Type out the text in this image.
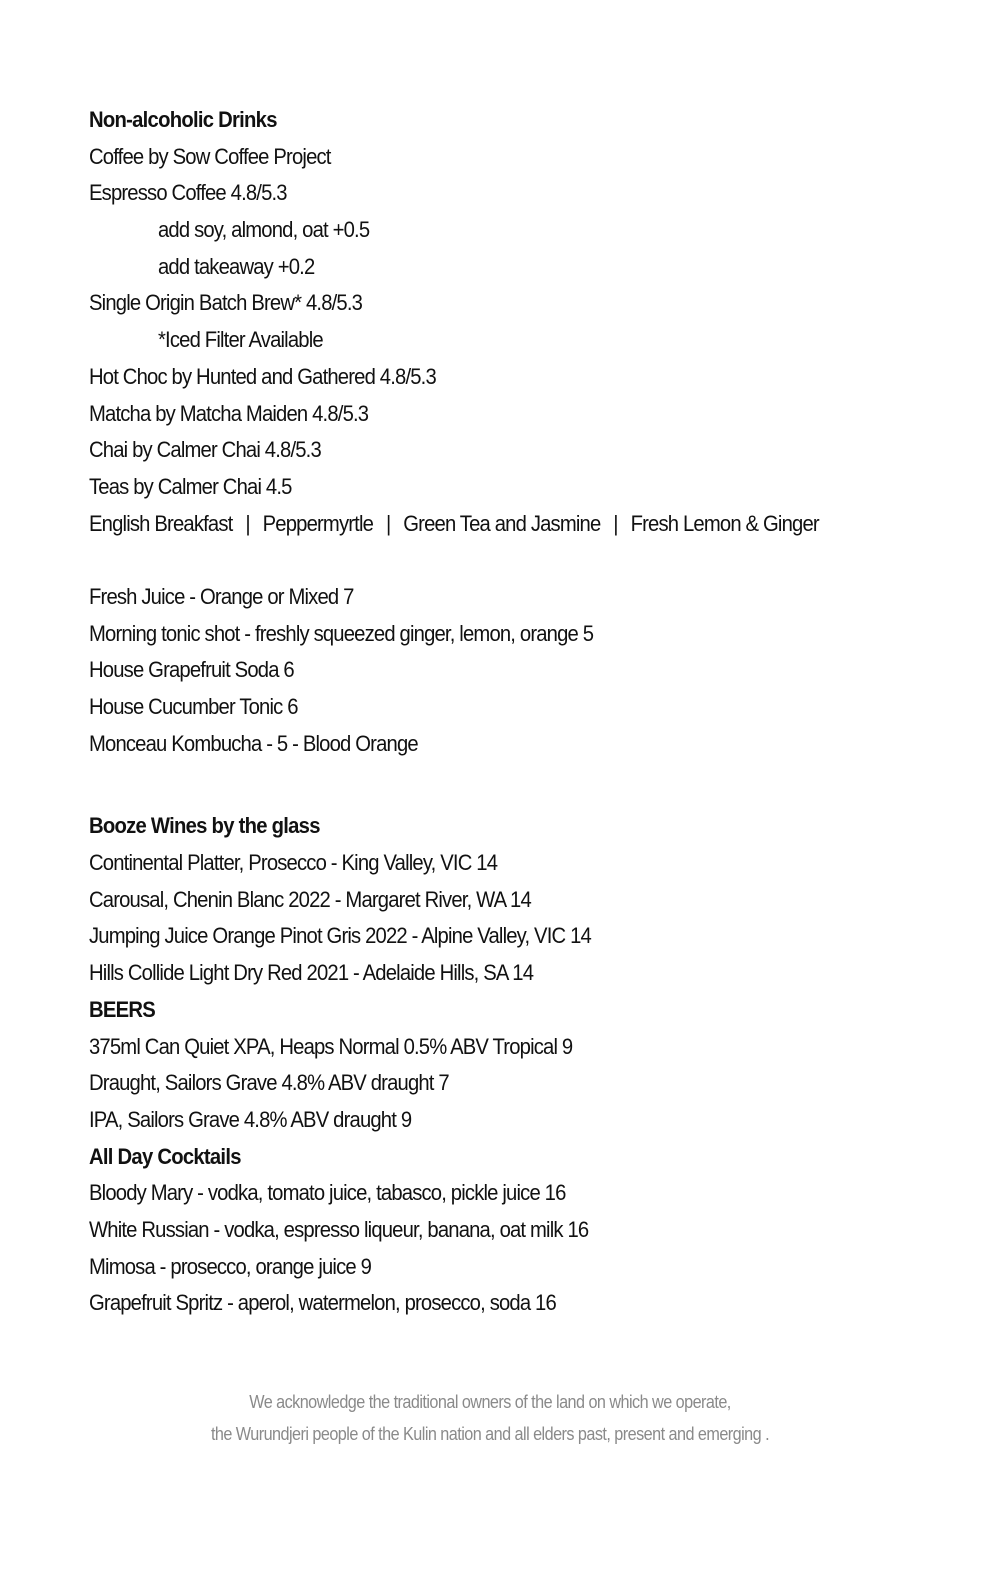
Non-alcoholic Drinks
Coffee by Sow Coffee Project
Espresso Coffee 4.8/5.3
add soy, almond, oat +0.5
add takeaway +0.2
Single Origin Batch Brew* 4.8/5.3
*Iced Filter Available
Hot Choc by Hunted and Gathered 4.8/5.3
Matcha by Matcha Maiden 4.8/5.3
Chai by Calmer Chai 4.8/5.3
Teas by Calmer Chai 4.5
English Breakfast | Peppermyrtle | Green Tea and Jasmine | Fresh Lemon & Ginger
Fresh Juice - Orange or Mixed 7
Morning tonic shot - freshly squeezed ginger, lemon, orange 5
House Grapefruit Soda 6
House Cucumber Tonic 6
Monceau Kombucha - 5 - Blood Orange
Booze Wines by the glass
Continental Platter, Prosecco - King Valley, VIC 14
Carousal, Chenin Blanc 2022 - Margaret River, WA 14
Jumping Juice Orange Pinot Gris 2022 - Alpine Valley, VIC 14
Hills Collide Light Dry Red 2021 - Adelaide Hills, SA 14
BEERS
375ml Can Quiet XPA, Heaps Normal 0.5% ABV Tropical 9
Draught, Sailors Grave 4.8% ABV draught 7
IPA, Sailors Grave 4.8% ABV draught 9
All Day Cocktails
Bloody Mary - vodka, tomato juice, tabasco, pickle juice 16
White Russian - vodka, espresso liqueur, banana, oat milk 16
Mimosa - prosecco, orange juice 9
Grapefruit Spritz - aperol, watermelon, prosecco, soda 16
We acknowledge the traditional owners of the land on which we operate,
the Wurundjeri people of the Kulin nation and all elders past, present and emerging .
